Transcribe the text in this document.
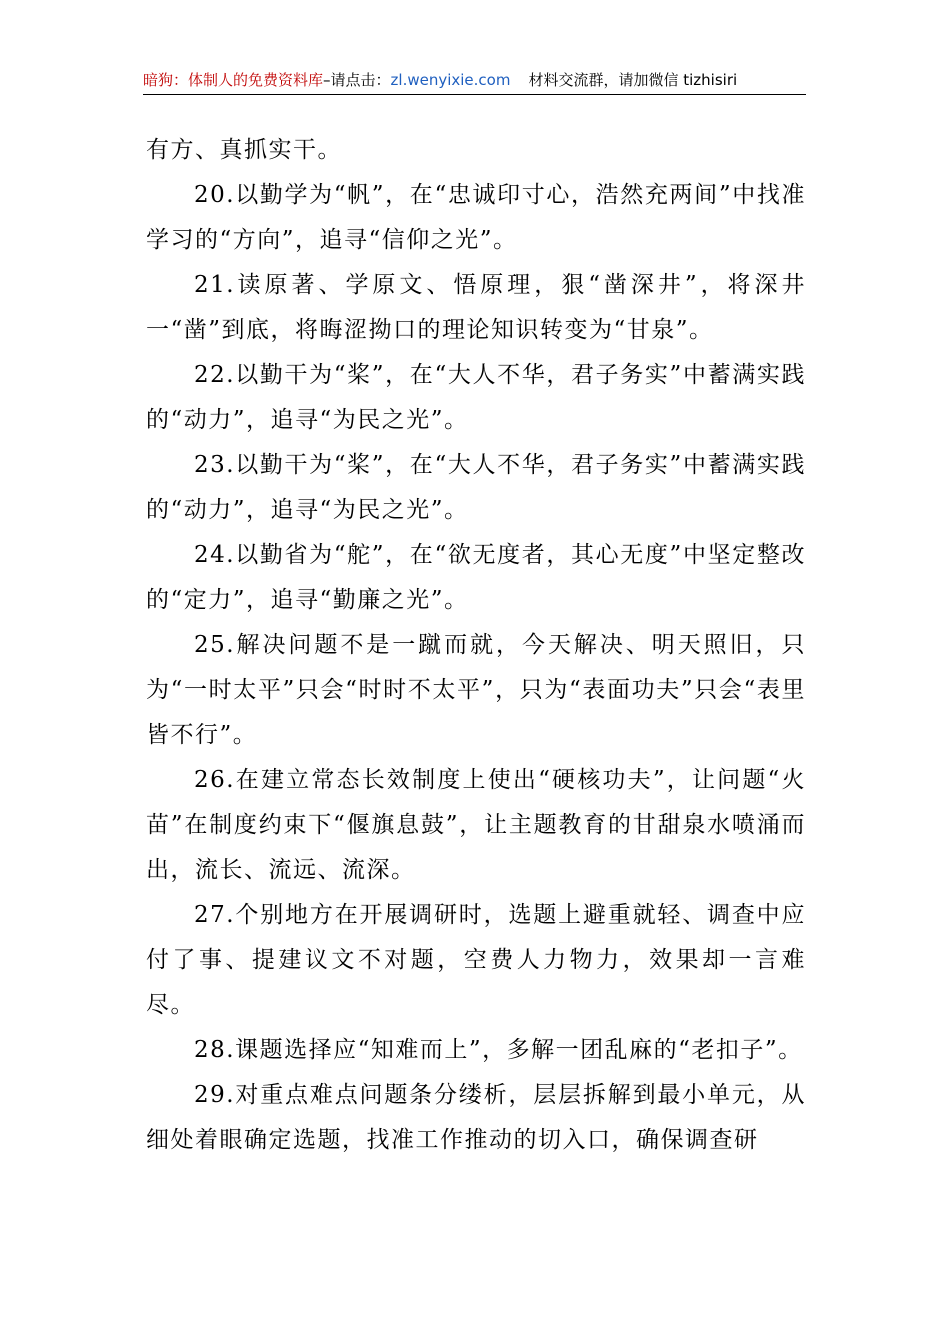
暗狗：体制人的免费资料库–请点击：zl.wenyixie.com 材料交流群，请加微信 tizhisiri

有方、真抓实干。

20.以勤学为“帆”，在“忠诚印寸心，浩然充两间”中找准学习的“方向”，追寻“信仰之光”。

21.读原著、学原文、悟原理，狠“凿深井”，将深井一“凿”到底，将晦涩拗口的理论知识转变为“甘泉”。

22.以勤干为“桨”，在“大人不华，君子务实”中蓄满实践的“动力”，追寻“为民之光”。

23.以勤干为“桨”，在“大人不华，君子务实”中蓄满实践的“动力”，追寻“为民之光”。

24.以勤省为“舵”，在“欲无度者，其心无度”中坚定整改的“定力”，追寻“勤廉之光”。

25.解决问题不是一蹴而就，今天解决、明天照旧，只为“一时太平”只会“时时不太平”，只为“表面功夫”只会“表里皆不行”。

26.在建立常态长效制度上使出“硬核功夫”，让问题“火苗”在制度约束下“偃旗息鼓”，让主题教育的甘甜泉水喷涌而出，流长、流远、流深。

27.个别地方在开展调研时，选题上避重就轻、调查中应付了事、提建议文不对题，空费人力物力，效果却一言难尽。

28.课题选择应“知难而上”，多解一团乱麻的“老扣子”。

29.对重点难点问题条分缕析，层层拆解到最小单元，从细处着眼确定选题，找准工作推动的切入口，确保调查研
